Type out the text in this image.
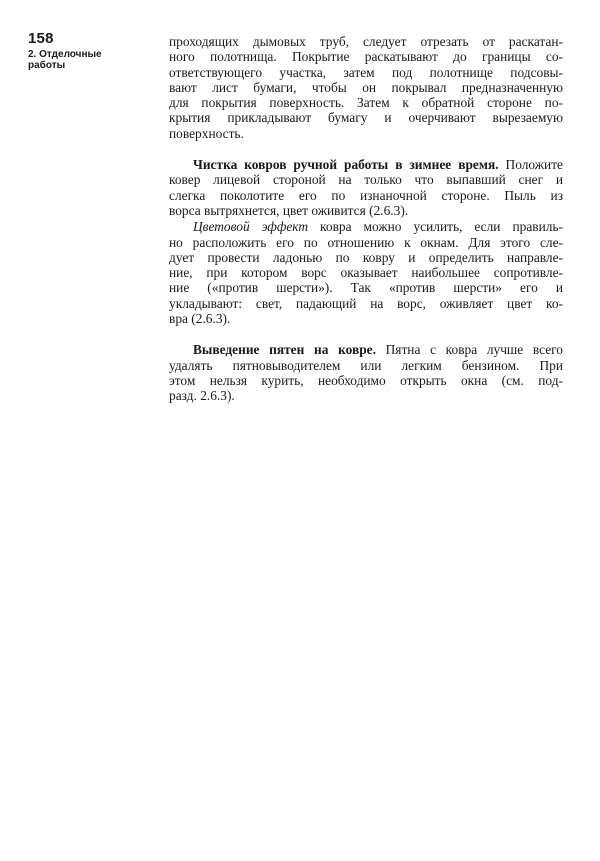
158
2. Отделочные
работы

проходящих дымовых труб, следует отрезать от раскатан-
ного полотнища. Покрытие раскатывают до границы со-
ответствующего участка, затем под полотнище подсовы-
вают лист бумаги, чтобы он покрывал предназначенную
для покрытия поверхность. Затем к обратной стороне по-
крытия прикладывают бумагу и очерчивают вырезаемую
поверхность.

Чистка ковров ручной работы в зимнее время. Положите
ковер лицевой стороной на только что выпавший снег и
слегка поколотите его по изнаночной стороне. Пыль из
ворса вытряхнется, цвет оживится (2.6.3).

Цветовой эффект ковра можно усилить, если правиль-
но расположить его по отношению к окнам. Для этого сле-
дует провести ладонью по ковру и определить направле-
ние, при котором ворс оказывает наибольшее сопротивле-
ние («против шерсти»). Так «против шерсти» его и
укладывают: свет, падающий на ворс, оживляет цвет ко-
вра (2.6.3).

Выведение пятен на ковре. Пятна с ковра лучше всего
удалять пятновыводителем или легким бензином. При
этом нельзя курить, необходимо открыть окна (см. под-
разд. 2.6.3).
